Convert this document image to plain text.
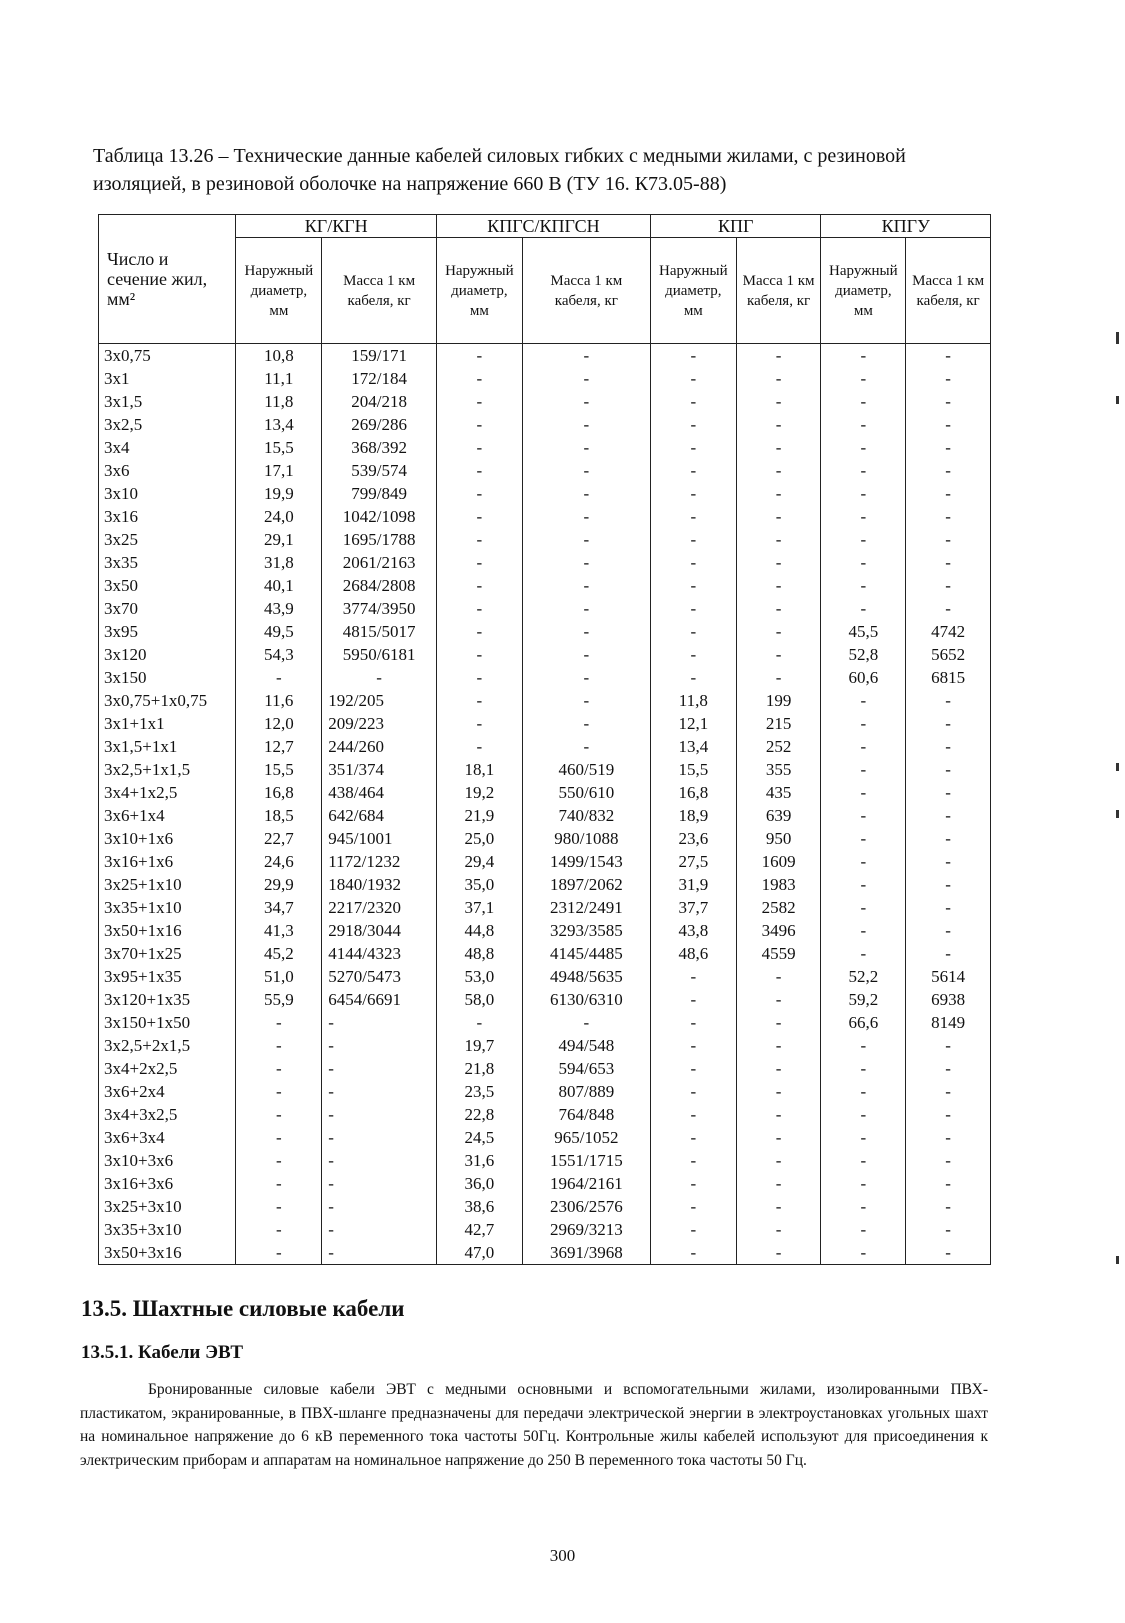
Таблица 13.26 – Технические данные кабелей силовых гибких с медными жилами, с резиновой изоляцией, в резиновой оболочке на напряжение 660 В (ТУ 16. К73.05-88)
Число и сечение жил, мм²	КГ/КГН		КПГС/КПГСН		КПГ		КПГУ	
	Наружный диаметр, мм	Масса 1 км кабеля, кг	Наружный диаметр, мм	Масса 1 км кабеля, кг	Наружный диаметр, мм	Масса 1 км кабеля, кг	Наружный диаметр, мм	Масса 1 км кабеля, кг
3x0,75	10,8	159/171	-	-	-	-	-	-
3x1	11,1	172/184	-	-	-	-	-	-
3x1,5	11,8	204/218	-	-	-	-	-	-
3x2,5	13,4	269/286	-	-	-	-	-	-
3x4	15,5	368/392	-	-	-	-	-	-
3x6	17,1	539/574	-	-	-	-	-	-
3x10	19,9	799/849	-	-	-	-	-	-
3x16	24,0	1042/1098	-	-	-	-	-	-
3x25	29,1	1695/1788	-	-	-	-	-	-
3x35	31,8	2061/2163	-	-	-	-	-	-
3x50	40,1	2684/2808	-	-	-	-	-	-
3x70	43,9	3774/3950	-	-	-	-	-	-
3x95	49,5	4815/5017	-	-	-	-	45,5	4742
3x120	54,3	5950/6181	-	-	-	-	52,8	5652
3x150	-	-	-	-	-	-	60,6	6815
3x0,75+1x0,75	11,6	192/205	-	-	11,8	199	-	-
3x1+1x1	12,0	209/223	-	-	12,1	215	-	-
3x1,5+1x1	12,7	244/260	-	-	13,4	252	-	-
3x2,5+1x1,5	15,5	351/374	18,1	460/519	15,5	355	-	-
3x4+1x2,5	16,8	438/464	19,2	550/610	16,8	435	-	-
3x6+1x4	18,5	642/684	21,9	740/832	18,9	639	-	-
3x10+1x6	22,7	945/1001	25,0	980/1088	23,6	950	-	-
3x16+1x6	24,6	1172/1232	29,4	1499/1543	27,5	1609	-	-
3x25+1x10	29,9	1840/1932	35,0	1897/2062	31,9	1983	-	-
3x35+1x10	34,7	2217/2320	37,1	2312/2491	37,7	2582	-	-
3x50+1x16	41,3	2918/3044	44,8	3293/3585	43,8	3496	-	-
3x70+1x25	45,2	4144/4323	48,8	4145/4485	48,6	4559	-	-
3x95+1x35	51,0	5270/5473	53,0	4948/5635	-	-	52,2	5614
3x120+1x35	55,9	6454/6691	58,0	6130/6310	-	-	59,2	6938
3x150+1x50	-	-	-	-	-	-	66,6	8149
3x2,5+2x1,5	-	-	19,7	494/548	-	-	-	-
3x4+2x2,5	-	-	21,8	594/653	-	-	-	-
3x6+2x4	-	-	23,5	807/889	-	-	-	-
3x4+3x2,5	-	-	22,8	764/848	-	-	-	-
3x6+3x4	-	-	24,5	965/1052	-	-	-	-
3x10+3x6	-	-	31,6	1551/1715	-	-	-	-
3x16+3x6	-	-	36,0	1964/2161	-	-	-	-
3x25+3x10	-	-	38,6	2306/2576	-	-	-	-
3x35+3x10	-	-	42,7	2969/3213	-	-	-	-
3x50+3x16	-	-	47,0	3691/3968	-	-	-	-
13.5. Шахтные силовые кабели
13.5.1. Кабели ЭВТ
Бронированные силовые кабели ЭВТ с медными основными и вспомогательными жилами, изолированными ПВХ-пластикатом, экранированные, в ПВХ-шланге предназначены для передачи электрической энергии в электроустановках угольных шахт на номинальное напряжение до 6 кВ переменного тока частоты 50Гц. Контрольные жилы кабелей используют для присоединения к электрическим приборам и аппаратам на номинальное напряжение до 250 В переменного тока частоты 50 Гц.
300
